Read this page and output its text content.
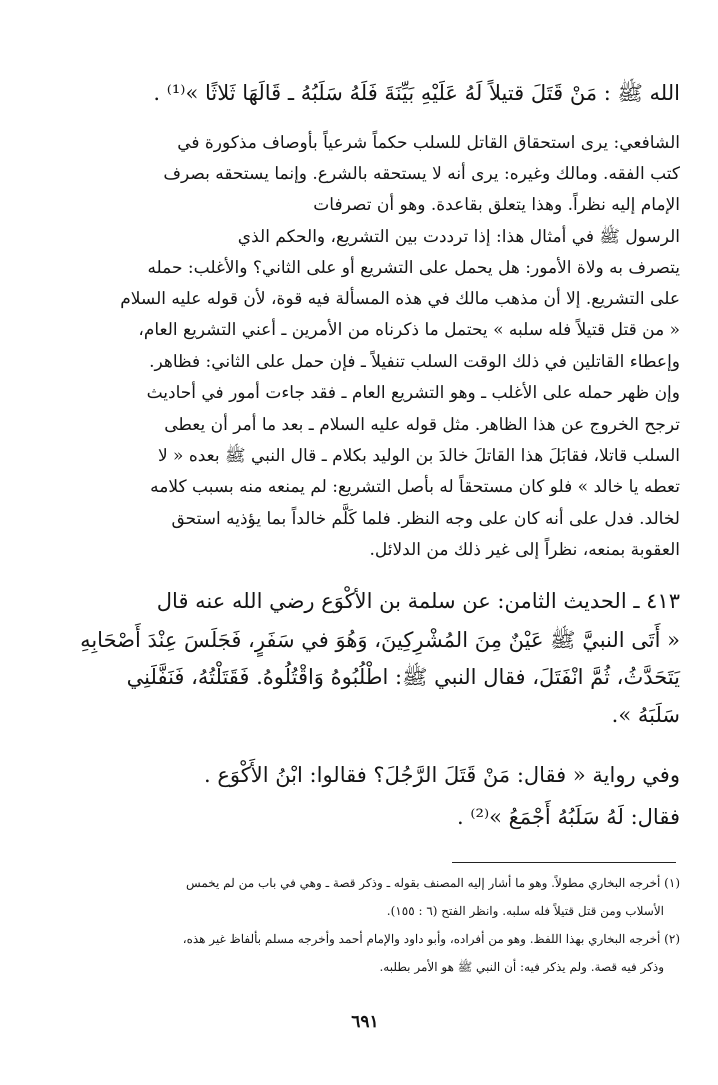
الله ﷺ : مَنْ قَتَلَ قتيلاً لَهُ عَلَيْهِ بَيِّنَةَ فَلَهُ سَلَبُهُ ـ قَالَهَا ثَلاثًا »⁽¹⁾ .
الشافعي: يرى استحقاق القاتل للسلب حكماً شرعياً بأوصاف مذكورة في
كتب الفقه. ومالك وغيره: يرى أنه لا يستحقه بالشرع. وإنما يستحقه بصرف
الإمام إليه نظراً. وهذا يتعلق بقاعدة. وهو أن تصرفات
الرسول ﷺ في أمثال هذا: إذا ترددت بين التشريع، والحكم الذي
يتصرف به ولاة الأمور: هل يحمل على التشريع أو على الثاني؟ والأغلب: حمله
على التشريع. إلا أن مذهب مالك في هذه المسألة فيه قوة، لأن قوله عليه السلام
« من قتل قتيلاً فله سلبه » يحتمل ما ذكرناه من الأمرين ـ أعني التشريع العام،
وإعطاء القاتلين في ذلك الوقت السلب تنفيلاً ـ فإن حمل على الثاني: فظاهر.
وإن ظهر حمله على الأغلب ـ وهو التشريع العام ـ فقد جاءت أمور في أحاديث
ترجح الخروج عن هذا الظاهر. مثل قوله عليه السلام ـ بعد ما أمر أن يعطى
السلب قاتلا، فقابَلَ هذا القاتلَ خالدَ بن الوليد بكلام ـ قال النبي ﷺ بعده « لا
تعطه يا خالد » فلو كان مستحقاً له بأصل التشريع: لم يمنعه منه بسبب كلامه
لخالد. فدل على أنه كان على وجه النظر. فلما كَلَّم خالداً بما يؤذيه استحق
العقوبة بمنعه، نظراً إلى غير ذلك من الدلائل.
٤١٣ ـ الحديث الثامن: عن سلمة بن الأكْوَع رضي الله عنه قال
« أَتَى النبيَّ ﷺ عَيْنٌ مِنَ المُشْرِكِينَ، وَهُوَ في سَفَرٍ، فَجَلَسَ عِنْدَ أَصْحَابِهِ
يَتَحَدَّثُ، ثُمَّ انْفَتَلَ، فقال النبي ﷺ: اطْلُبُوهُ وَاقْتُلُوهُ. فَقَتَلْتُهُ، فَنَفَّلَنِي
سَلَبَهُ ».
وفي رواية « فقال: مَنْ قَتَلَ الرَّجُلَ؟ فقالوا: ابْنُ الأَكْوَع .
فقال: لَهُ سَلَبُهُ أَجْمَعُ »⁽²⁾ .
(١) أخرجه البخاري مطولاً. وهو ما أشار إليه المصنف بقوله ـ وذكر قصة ـ وهي في باب من لم يخمس
الأسلاب ومن قتل قتيلاً فله سلبه. وانظر الفتح (٦ : ١٥٥).
(٢) أخرجه البخاري بهذا اللفظ. وهو من أفراده، وأبو داود والإمام أحمد وأخرجه مسلم بألفاظ غير هذه،
وذكر فيه قصة. ولم يذكر فيه: أن النبي ﷺ هو الأمر بطلبه.
٦٩١
